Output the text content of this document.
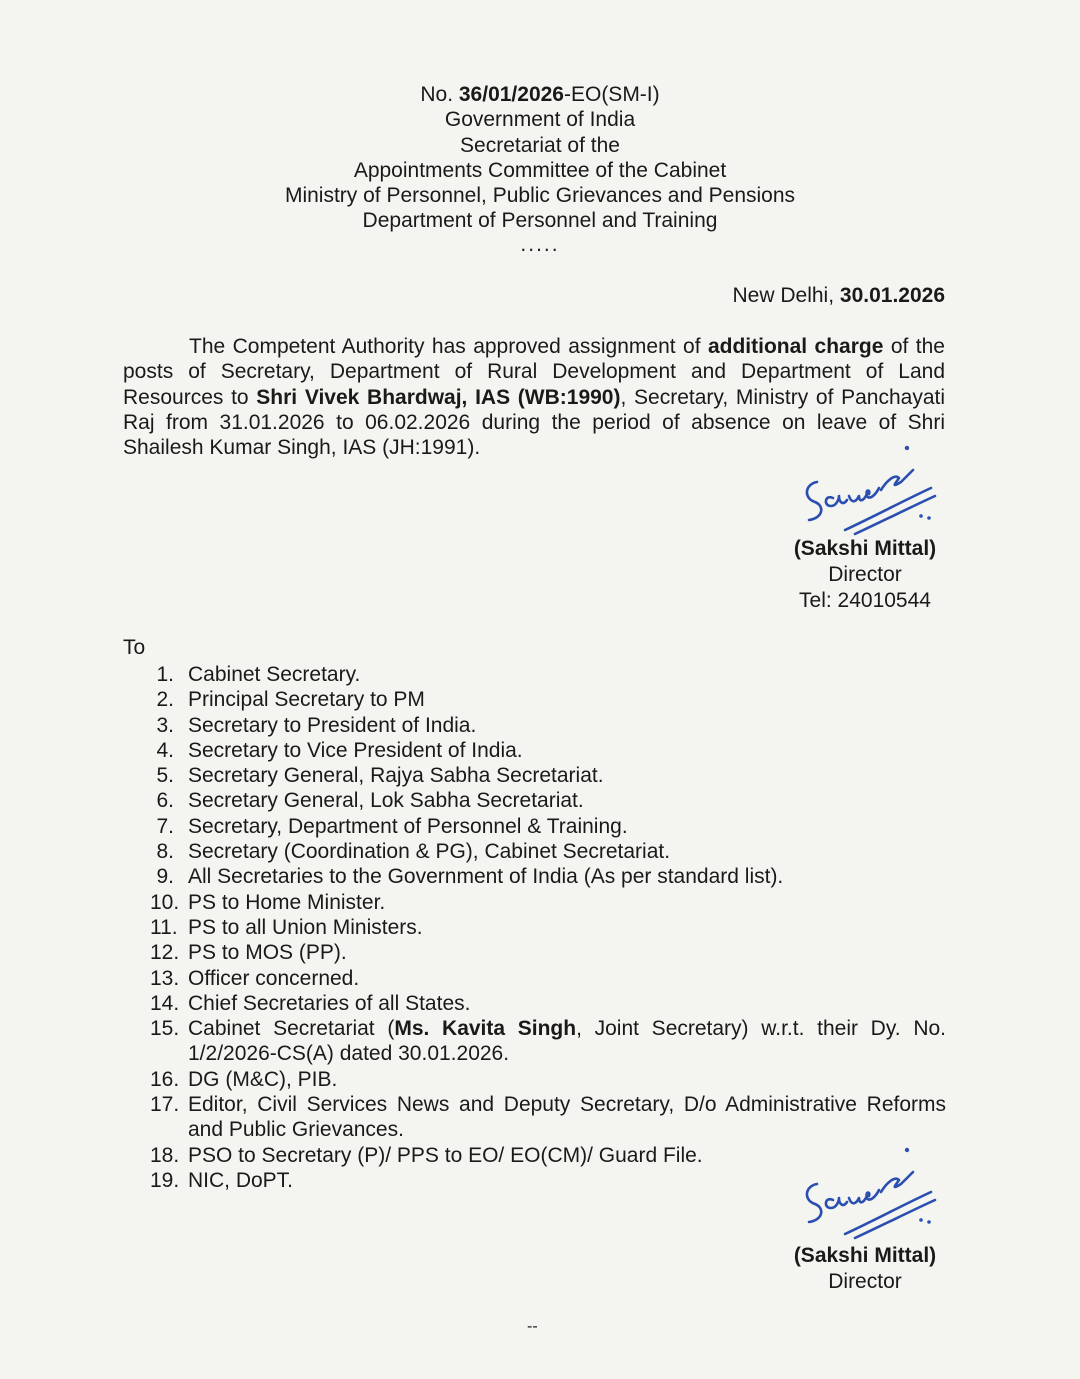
No. 36/01/2026-EO(SM-I)
Government of India
Secretariat of the
Appointments Committee of the Cabinet
Ministry of Personnel, Public Grievances and Pensions
Department of Personnel and Training
.....
New Delhi, 30.01.2026
The Competent Authority has approved assignment of additional charge of the posts of Secretary, Department of Rural Development and Department of Land Resources to Shri Vivek Bhardwaj, IAS (WB:1990), Secretary, Ministry of Panchayati Raj from 31.01.2026 to 06.02.2026 during the period of absence on leave of Shri Shailesh Kumar Singh, IAS (JH:1991).
(Sakshi Mittal)
Director
Tel: 24010544
To
1. Cabinet Secretary.
2. Principal Secretary to PM
3. Secretary to President of India.
4. Secretary to Vice President of India.
5. Secretary General, Rajya Sabha Secretariat.
6. Secretary General, Lok Sabha Secretariat.
7. Secretary, Department of Personnel & Training.
8. Secretary (Coordination & PG), Cabinet Secretariat.
9. All Secretaries to the Government of India (As per standard list).
10. PS to Home Minister.
11. PS to all Union Ministers.
12. PS to MOS (PP).
13. Officer concerned.
14. Chief Secretaries of all States.
15. Cabinet Secretariat (Ms. Kavita Singh, Joint Secretary) w.r.t. their Dy. No. 1/2/2026-CS(A) dated 30.01.2026.
16. DG (M&C), PIB.
17. Editor, Civil Services News and Deputy Secretary, D/o Administrative Reforms and Public Grievances.
18. PSO to Secretary (P)/ PPS to EO/ EO(CM)/ Guard File.
19. NIC, DoPT.
(Sakshi Mittal)
Director
--
